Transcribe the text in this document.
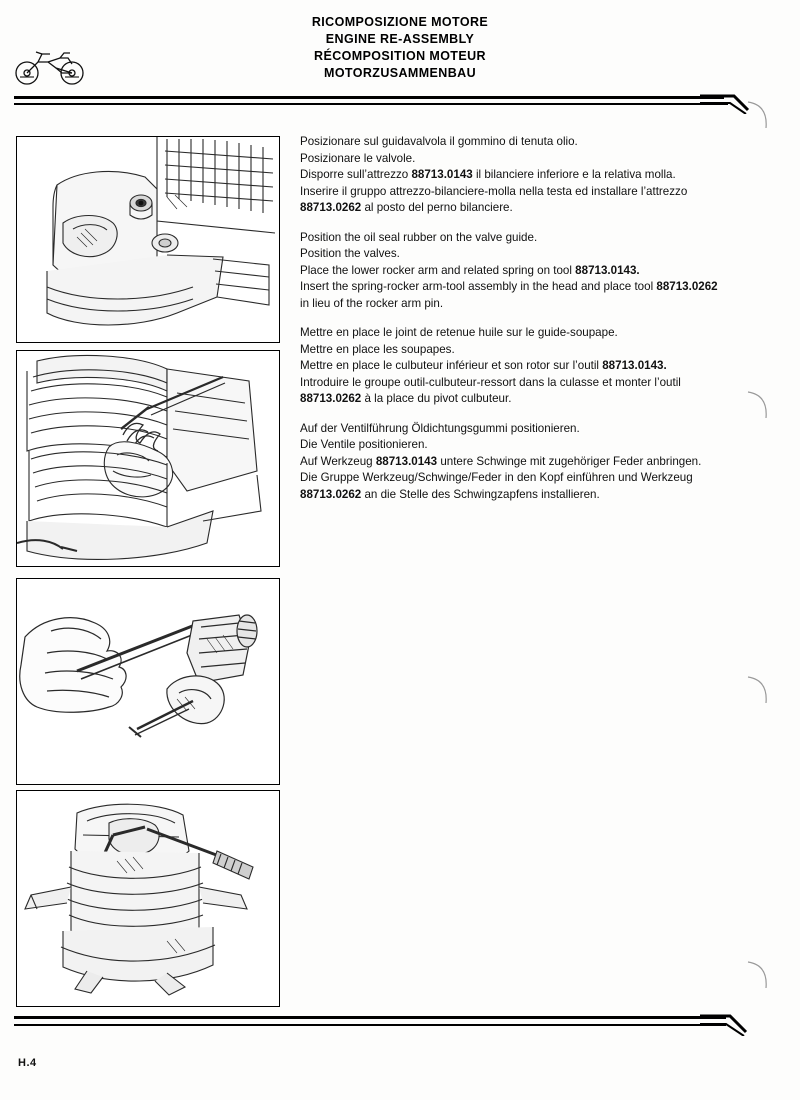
RICOMPOSIZIONE MOTORE
ENGINE RE-ASSEMBLY
RÉCOMPOSITION MOTEUR
MOTORZUSAMMENBAU

Posizionare sul guidavalvola il gommino di tenuta olio.

Posizionare le valvole.

Disporre sull’attrezzo 88713.0143 il bilanciere inferiore e la relativa molla.

Inserire il gruppo attrezzo-bilanciere-molla nella testa ed installare l’attrezzo 88713.0262 al posto del perno bilanciere.

Position the oil seal rubber on the valve guide.

Position the valves.

Place the lower rocker arm and related spring on tool 88713.0143.

Insert the spring-rocker arm-tool assembly in the head and place tool 88713.0262 in lieu of the rocker arm pin.

Mettre en place le joint de retenue huile sur le guide-soupape.

Mettre en place les soupapes.

Mettre en place le culbuteur inférieur et son rotor sur l’outil 88713.0143.

Introduire le groupe outil-culbuteur-ressort dans la culasse et monter l’outil 88713.0262 à la place du pivot culbuteur.

Auf der Ventilführung Öldichtungsgummi positionieren.

Die Ventile positionieren.

Auf Werkzeug 88713.0143 untere Schwinge mit zugehöriger Feder anbringen.

Die Gruppe Werkzeug/Schwinge/Feder in den Kopf einführen und Werkzeug 88713.0262 an die Stelle des Schwingzapfens installieren.

H.4
